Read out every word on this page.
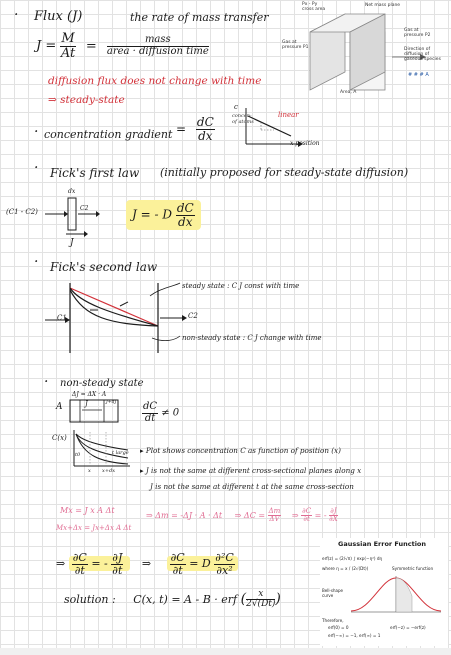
· Flux (J)	the rate of mass transfer
$J = \frac{M}{At} = \frac{\text{mass}}{\text{area · diffusion time}}$
diffusion flux does not change with time
⇒ steady-state
Px - Py
cross area
Net mass plane
Gas at
pressure P1
Gas at
pressure P2
Direction of
diffusion of
gaseous species
Area, A
# # # A
· concentration gradient = $\frac{dC}{dx}$
c
concen-
of atoms
x position
linear
· Fick's first law (initially proposed for steady-state diffusion)
(C1 - C2)
dx
C2
J
J = - D $\frac{dC}{dx}$
· Fick's second law
C1	C2
steady state : C J const with time
non-steady state : C J change with time
· non-steady state
ΔJ = ΔX · A
A	J	J+dJ	$\frac{dC}{dt} \ne 0$
C(x)
t0	t large
x x+dx
▸ Plot shows concentration C as function of position (x)
▸ J is not the same at different cross-sectional planes along x
J is not the same at different t at the same cross-section
Mx = J x A Δt
Mx+Δx = Jx+Δx A Δt
⇒ Δm = -ΔJ · A · Δt ⇒ $\Delta C = \frac{\Delta m}{\Delta V}$ ⇒ $\frac{\partial C}{\partial t}$ = - $\frac{\partial J}{\partial X}$
⇒ $\frac{\partial C}{\partial t}$ = - $\frac{\partial J}{\partial t}$ ⇒ $\frac{\partial C}{\partial t} = D \frac{\text{∂²C}}{\text{∂x²}}$
solution : C(x, t) = A - B · erf ( $\frac{x}{2√(Dt)}$ )
Gaussian Error Function
erf(z) = (2/√π) ∫ exp(−η²) dη
where η = x / (2√(Dt))	Symmetric function
Bell-shape curve
Therefore,
erf(0) = 0	erf(−z) = −erf(z)
erf(−∞) = −1, erf(∞) = 1
